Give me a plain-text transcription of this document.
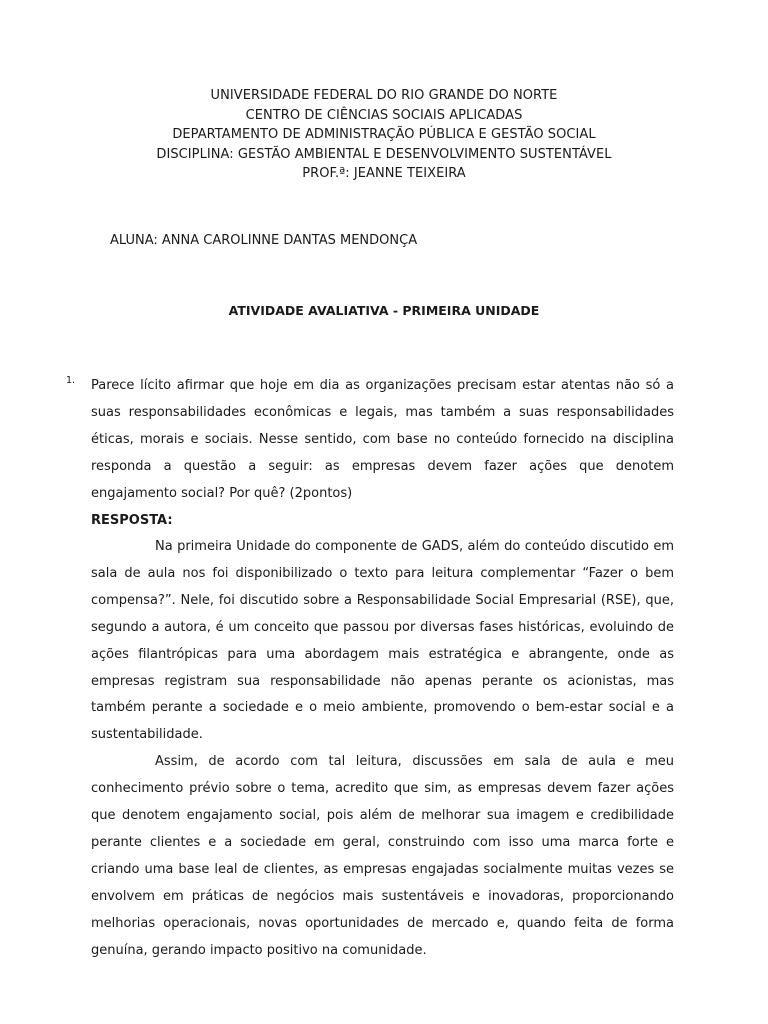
UNIVERSIDADE FEDERAL DO RIO GRANDE DO NORTE
CENTRO DE CIÊNCIAS SOCIAIS APLICADAS
DEPARTAMENTO DE ADMINISTRAÇÃO PÚBLICA E GESTÃO SOCIAL
DISCIPLINA: GESTÃO AMBIENTAL E DESENVOLVIMENTO SUSTENTÁVEL
PROF.ª: JEANNE TEIXEIRA
ALUNA: ANNA CAROLINNE DANTAS MENDONÇA
ATIVIDADE AVALIATIVA - PRIMEIRA UNIDADE
1. Parece lícito afirmar que hoje em dia as organizações precisam estar atentas não só a suas responsabilidades econômicas e legais, mas também a suas responsabilidades éticas, morais e sociais. Nesse sentido, com base no conteúdo fornecido na disciplina responda a questão a seguir: as empresas devem fazer ações que denotem engajamento social? Por quê? (2pontos)
RESPOSTA:

Na primeira Unidade do componente de GADS, além do conteúdo discutido em sala de aula nos foi disponibilizado o texto para leitura complementar “Fazer o bem compensa?”. Nele, foi discutido sobre a Responsabilidade Social Empresarial (RSE), que, segundo a autora, é um conceito que passou por diversas fases históricas, evoluindo de ações filantrópicas para uma abordagem mais estratégica e abrangente, onde as empresas registram sua responsabilidade não apenas perante os acionistas, mas também perante a sociedade e o meio ambiente, promovendo o bem-estar social e a sustentabilidade.

Assim, de acordo com tal leitura, discussões em sala de aula e meu conhecimento prévio sobre o tema, acredito que sim, as empresas devem fazer ações que denotem engajamento social, pois além de melhorar sua imagem e credibilidade perante clientes e a sociedade em geral, construindo com isso uma marca forte e criando uma base leal de clientes, as empresas engajadas socialmente muitas vezes se envolvem em práticas de negócios mais sustentáveis e inovadoras, proporcionando melhorias operacionais, novas oportunidades de mercado e, quando feita de forma genuína, gerando impacto positivo na comunidade.
